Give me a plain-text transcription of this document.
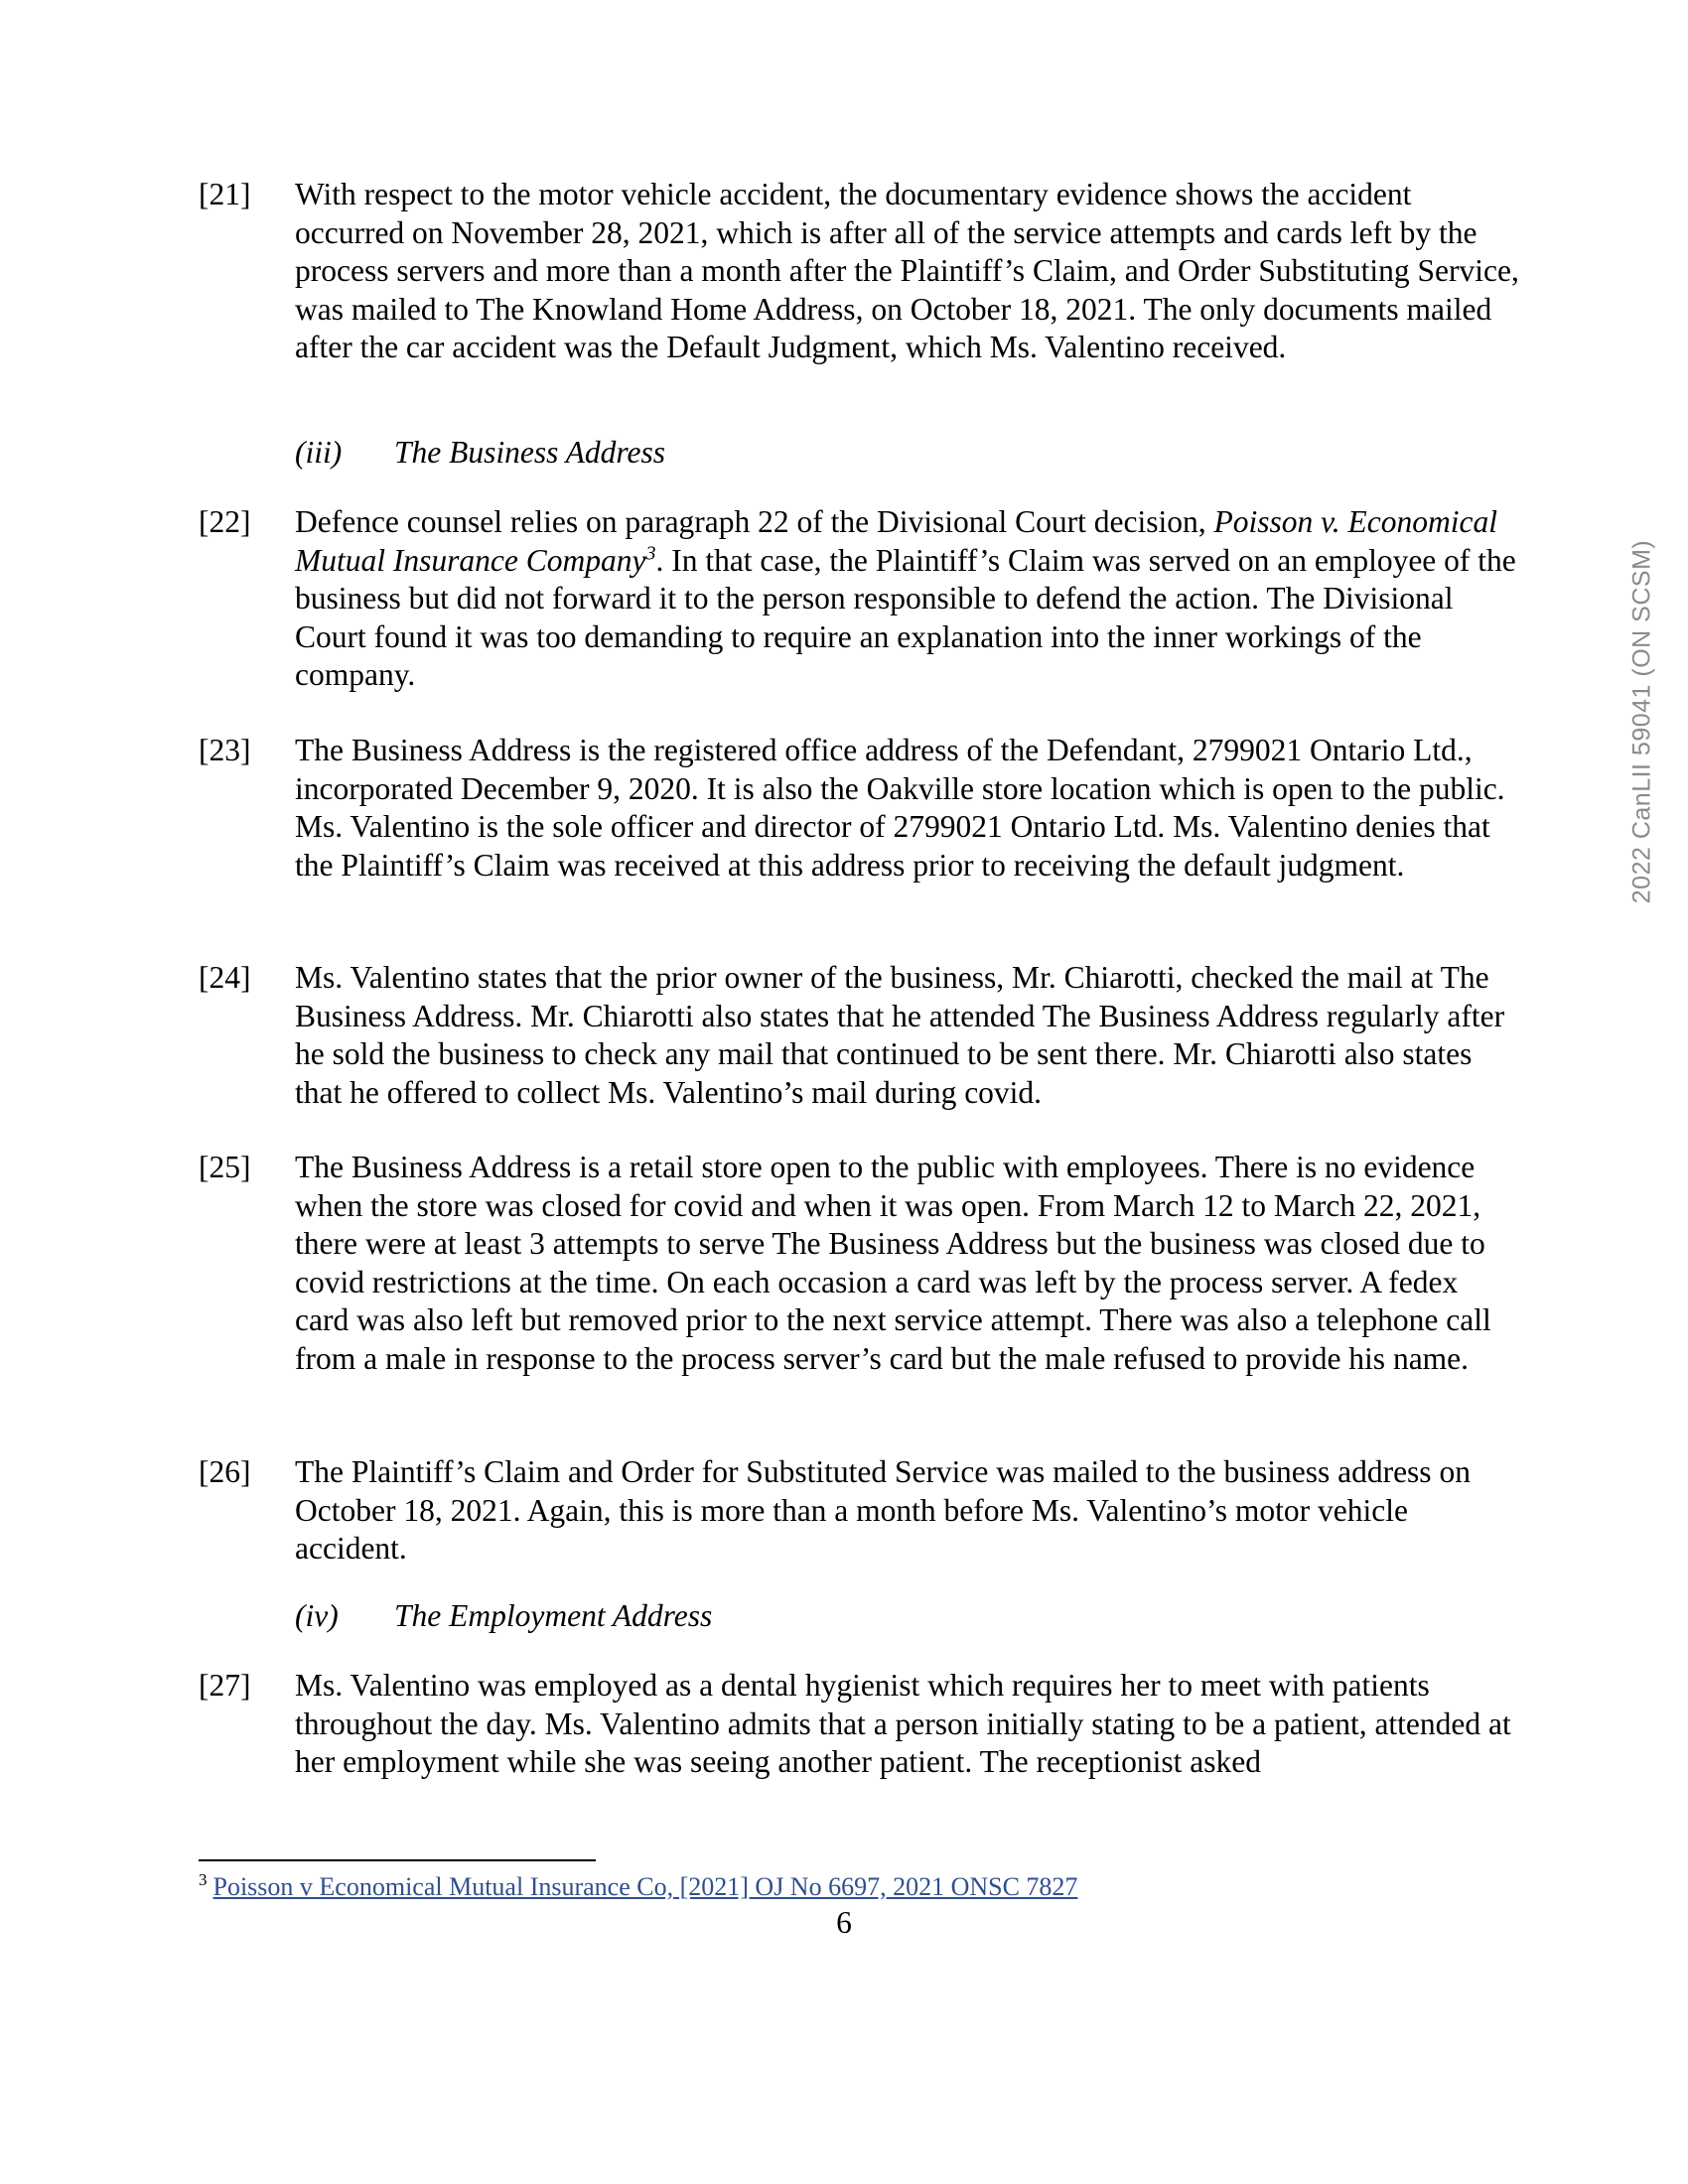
2022 CanLII 59041 (ON SCSM)
[21] With respect to the motor vehicle accident, the documentary evidence shows the accident occurred on November 28, 2021, which is after all of the service attempts and cards left by the process servers and more than a month after the Plaintiff’s Claim, and Order Substituting Service, was mailed to The Knowland Home Address, on October 18, 2021. The only documents mailed after the car accident was the Default Judgment, which Ms. Valentino received.
(iii) The Business Address
[22] Defence counsel relies on paragraph 22 of the Divisional Court decision, Poisson v. Economical Mutual Insurance Company$^3$. In that case, the Plaintiff’s Claim was served on an employee of the business but did not forward it to the person responsible to defend the action. The Divisional Court found it was too demanding to require an explanation into the inner workings of the company.
[23] The Business Address is the registered office address of the Defendant, 2799021 Ontario Ltd., incorporated December 9, 2020. It is also the Oakville store location which is open to the public. Ms. Valentino is the sole officer and director of 2799021 Ontario Ltd. Ms. Valentino denies that the Plaintiff’s Claim was received at this address prior to receiving the default judgment.
[24] Ms. Valentino states that the prior owner of the business, Mr. Chiarotti, checked the mail at The Business Address. Mr. Chiarotti also states that he attended The Business Address regularly after he sold the business to check any mail that continued to be sent there. Mr. Chiarotti also states that he offered to collect Ms. Valentino’s mail during covid.
[25] The Business Address is a retail store open to the public with employees. There is no evidence when the store was closed for covid and when it was open. From March 12 to March 22, 2021, there were at least 3 attempts to serve The Business Address but the business was closed due to covid restrictions at the time. On each occasion a card was left by the process server. A fedex card was also left but removed prior to the next service attempt. There was also a telephone call from a male in response to the process server’s card but the male refused to provide his name.
[26] The Plaintiff’s Claim and Order for Substituted Service was mailed to the business address on October 18, 2021. Again, this is more than a month before Ms. Valentino’s motor vehicle accident.
(iv) The Employment Address
[27] Ms. Valentino was employed as a dental hygienist which requires her to meet with patients throughout the day. Ms. Valentino admits that a person initially stating to be a patient, attended at her employment while she was seeing another patient. The receptionist asked
$^3$ Poisson v Economical Mutual Insurance Co, [2021] OJ No 6697, 2021 ONSC 7827
6
